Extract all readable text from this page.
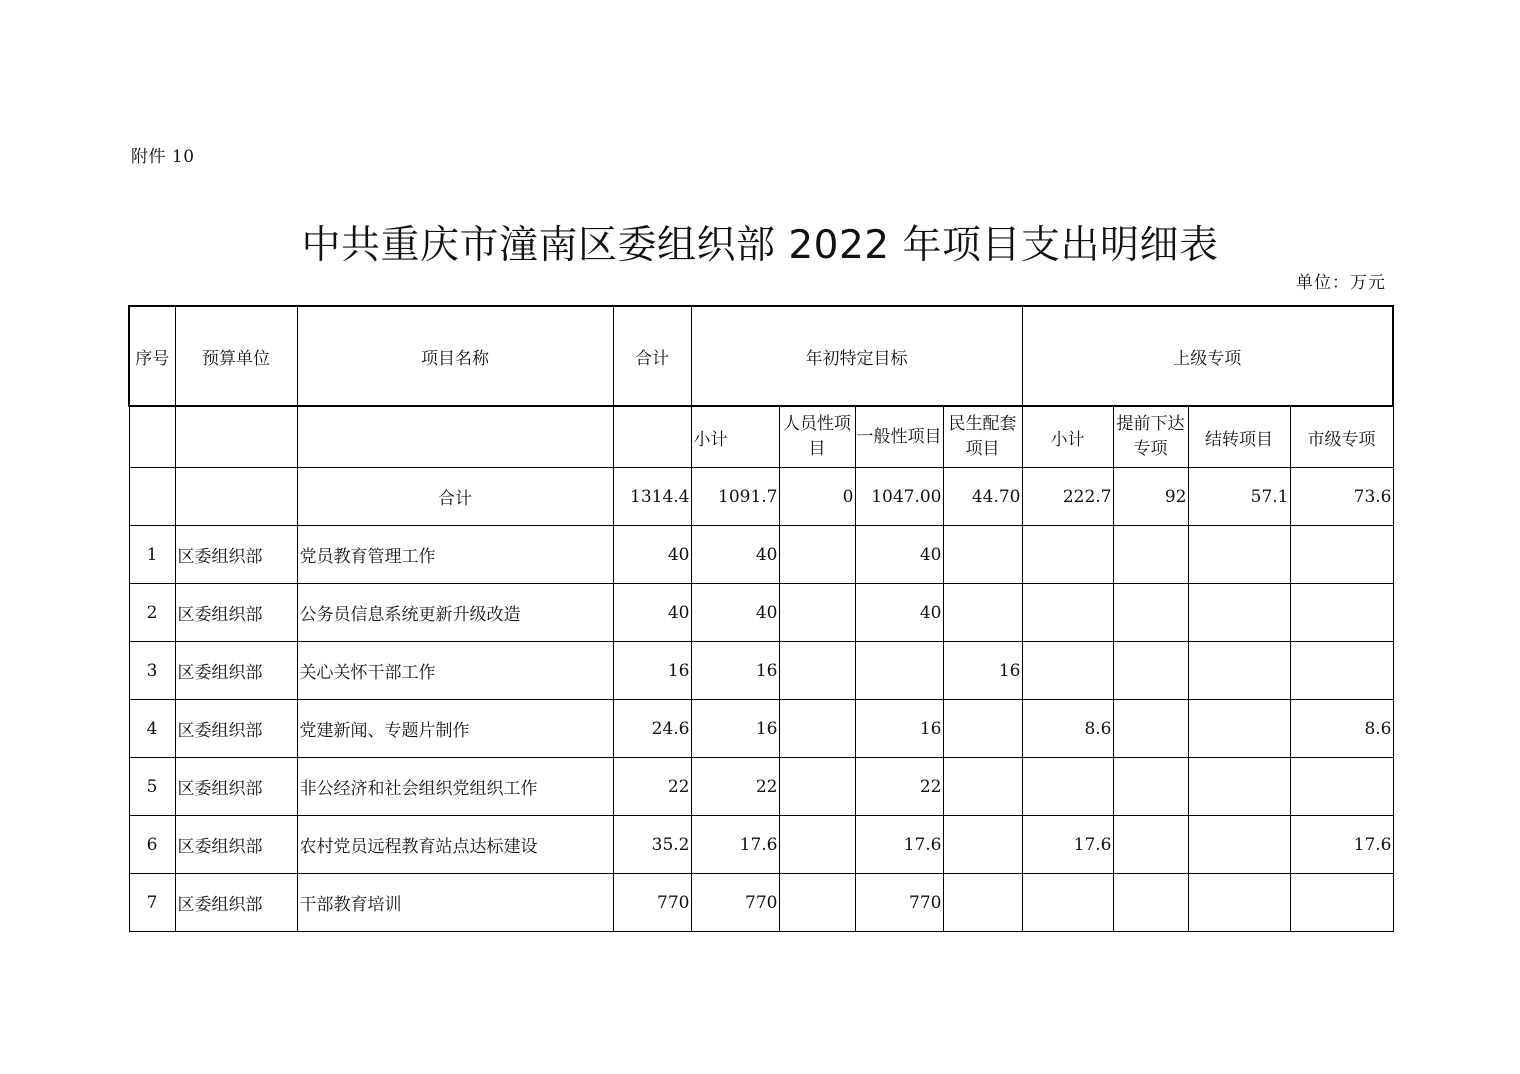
附件 10
中共重庆市潼南区委组织部 2022 年项目支出明细表
单位：万元
序号	预算单位	项目名称	合计	年初特定目标				上级专项			
				小计	人员性项目	一般性项目	民生配套项目	小计	提前下达专项	结转项目	市级专项
		合计	1314.4	1091.7	0	1047.00	44.70	222.7	92	57.1	73.6
1	区委组织部	党员教育管理工作	40	40		40					
2	区委组织部	公务员信息系统更新升级改造	40	40		40					
3	区委组织部	关心关怀干部工作	16	16			16				
4	区委组织部	党建新闻、专题片制作	24.6	16		16		8.6			8.6
5	区委组织部	非公经济和社会组织党组织工作	22	22		22					
6	区委组织部	农村党员远程教育站点达标建设	35.2	17.6		17.6		17.6			17.6
7	区委组织部	干部教育培训	770	770		770					
